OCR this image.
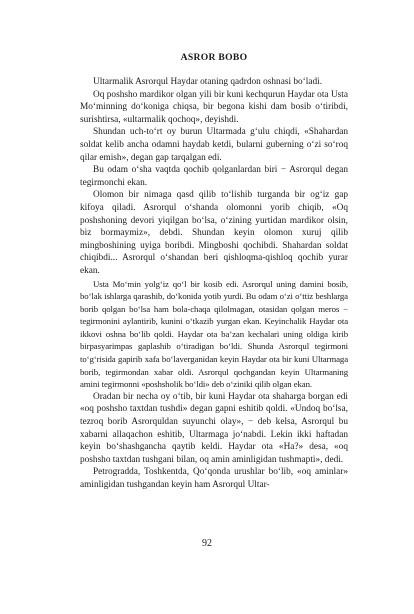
ASROR BOBO

Ultarmalik Asrorqul Haydar otaning qadrdon oshnasi bo‘ladi.

Oq poshsho mardikor olgan yili bir kuni kechqurun Haydar ota Usta Mo‘minning do‘koniga chiqsa, bir begona kishi dam bosib o‘tiribdi, surishtirsa, «ultarmalik qochoq», deyishdi.

Shundan uch-to‘rt oy burun Ultarmada g‘ulu chiqdi, «Shahardan soldat kelib ancha odamni haydab ketdi, bularni guberning o‘zi so‘roq qilar emish», degan gap tarqalgan edi.

Bu odam o‘sha vaqtda qochib qolganlardan biri − Asrorqul degan tegirmonchi ekan.

Olomon bir nimaga qasd qilib to‘lishib turganda bir og‘iz gap kifoya qiladi. Asrorqul o‘shanda olomonni yorib chiqib, «Oq poshshoning devori yiqilgan bo‘lsa, o‘zining yurtidan mardikor olsin, biz bormaymiz», debdi. Shundan keyin olomon xuruj qilib mingboshining uyiga boribdi. Mingboshi qochibdi. Shahardan soldat chiqibdi... Asrorqul o‘shandan beri qishloqma-qishloq qochib yurar ekan.

Usta Mo‘min yolg‘iz qo‘l bir kosib edi. Asrorqul uning damini bosib, bo‘lak ishlarga qarashib, do‘konida yotib yurdi. Bu odam o‘zi o‘ttiz beshlarga borib qolgan bo‘lsa ham bola-chaqa qilolmagan, otasidan qolgan meros − tegirmonini aylantirib, kunini o‘tkazib yurgan ekan. Keyinchalik Haydar ota ikkovi oshna bo‘lib qoldi. Haydar ota ba’zan kechalari uning oldiga kirib birpasyarimpas gaplashib o‘tiradigan bo‘ldi. Shunda Asrorqul tegirmoni to‘g‘risida gapirib xafa bo‘laverganidan keyin Haydar ota bir kuni Ultarmaga borib, tegirmondan xabar oldi. Asrorqul qochgandan keyin Ultarmaning amini tegirmonni «poshsholik bo‘ldi» deb o‘ziniki qilib olgan ekan.

Oradan bir necha oy o‘tib, bir kuni Haydar ota shaharga borgan edi «oq poshsho taxtdan tushdi» degan gapni eshitib qoldi. «Undoq bo‘lsa, tezroq borib Asrorquldan suyunchi olay», − deb kelsa, Asrorqul bu xabarni allaqachon eshitib, Ultarmaga jo‘nabdi. Lekin ikki haftadan keyin bo‘shashgancha qaytib keldi. Haydar ota «Ha?» desa, «oq poshsho taxtdan tushgani bilan, oq amin aminligidan tushmapti», dedi.

Petrogradda, Toshkentda, Qo‘qonda urushlar bo‘lib, «oq aminlar» aminligidan tushgandan keyin ham Asrorqul Ultar-

92
